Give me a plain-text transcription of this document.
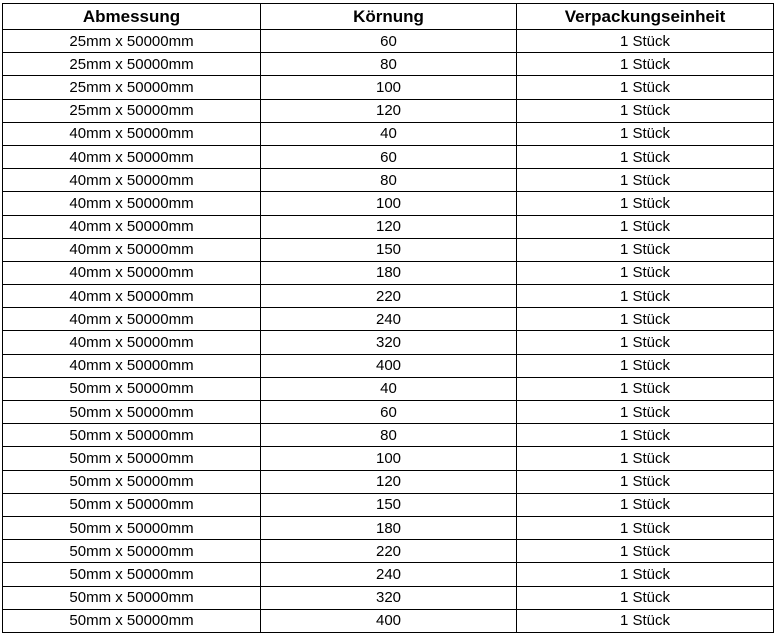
Abmessung	Körnung	Verpackungseinheit
25mm x 50000mm	60	1 Stück
25mm x 50000mm	80	1 Stück
25mm x 50000mm	100	1 Stück
25mm x 50000mm	120	1 Stück
40mm x 50000mm	40	1 Stück
40mm x 50000mm	60	1 Stück
40mm x 50000mm	80	1 Stück
40mm x 50000mm	100	1 Stück
40mm x 50000mm	120	1 Stück
40mm x 50000mm	150	1 Stück
40mm x 50000mm	180	1 Stück
40mm x 50000mm	220	1 Stück
40mm x 50000mm	240	1 Stück
40mm x 50000mm	320	1 Stück
40mm x 50000mm	400	1 Stück
50mm x 50000mm	40	1 Stück
50mm x 50000mm	60	1 Stück
50mm x 50000mm	80	1 Stück
50mm x 50000mm	100	1 Stück
50mm x 50000mm	120	1 Stück
50mm x 50000mm	150	1 Stück
50mm x 50000mm	180	1 Stück
50mm x 50000mm	220	1 Stück
50mm x 50000mm	240	1 Stück
50mm x 50000mm	320	1 Stück
50mm x 50000mm	400	1 Stück
